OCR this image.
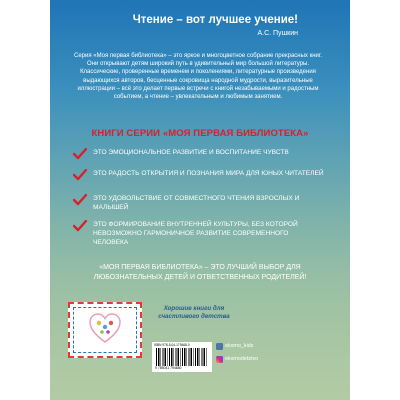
Чтение – вот лучшее учение!
А.С. Пушкин
Серия «Моя первая библиотека» – это яркое и многоцветное собрание прекрасных книг. Они открывают детям широкий путь в удивительный мир большой литературы. Классические, проверенные временем и поколениями, литературные произведения выдающихся авторов, бесценные сокровища народной мудрости, выразительные иллюстрации – всё это делает первые встречи с книгой незабываемыми и радостным событием, а чтение – увлекательным и любимым занятием.
КНИГИ СЕРИИ «МОЯ ПЕРВАЯ БИБЛИОТЕКА»
ЭТО ЭМОЦИОНАЛЬНОЕ РАЗВИТИЕ И ВОСПИТАНИЕ ЧУВСТВ
ЭТО РАДОСТЬ ОТКРЫТИЯ И ПОЗНАНИЯ МИРА ДЛЯ ЮНЫХ ЧИТАТЕЛЕЙ
ЭТО УДОВОЛЬСТВИЕ ОТ СОВМЕСТНОГО ЧТЕНИЯ ВЗРОСЛЫХ И МАЛЫШЕЙ
ЭТО ФОРМИРОВАНИЕ ВНУТРЕННЕЙ КУЛЬТУРЫ, БЕЗ КОТОРОЙ НЕВОЗМОЖНО ГАРМОНИЧНОЕ РАЗВИТИЕ СОВРЕМЕННОГО ЧЕЛОВЕКА
«МОЯ ПЕРВАЯ БИБЛИОТЕКА» – ЭТО ЛУЧШИЙ ВЫБОР ДЛЯ ЛЮБОЗНАТЕЛЬНЫХ ДЕТЕЙ И ОТВЕТСТВЕННЫХ РОДИТЕЛЕЙ!
Хорошие книги для счастливого детства
ISBN 978-5-04-179468-0
9 785041 794680
eksmo_kids
eksmodetstvo
